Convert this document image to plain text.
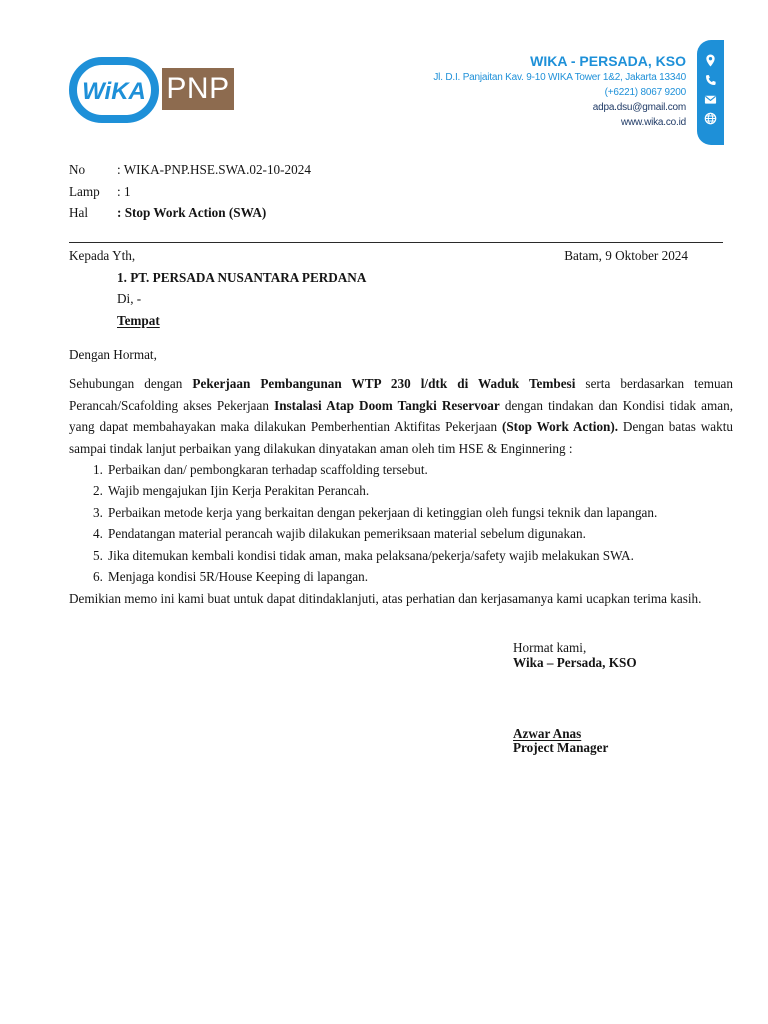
WiKA PNP
WIKA - PERSADA, KSO
Jl. D.I. Panjaitan Kav. 9-10 WIKA Tower 1&2, Jakarta 13340
(+6221) 8067 9200
adpa.dsu@gmail.com
www.wika.co.id
No : WIKA-PNP.HSE.SWA.02-10-2024
Lamp : 1
Hal : Stop Work Action (SWA)
Kepada Yth,	Batam, 9 Oktober 2024
1. PT. PERSADA NUSANTARA PERDANA
Di, -
Tempat
Dengan Hormat,
Sehubungan dengan Pekerjaan Pembangunan WTP 230 l/dtk di Waduk Tembesi serta berdasarkan temuan
Perancah/Scafolding akses Pekerjaan Instalasi Atap Doom Tangki Reservoar dengan tindakan dan Kondisi tidak aman,
yang dapat membahayakan maka dilakukan Pemberhentian Aktifitas Pekerjaan (Stop Work Action). Dengan batas waktu
sampai tindak lanjut perbaikan yang dilakukan dinyatakan aman oleh tim HSE & Enginnering :
1. Perbaikan dan/ pembongkaran terhadap scaffolding tersebut.
2. Wajib mengajukan Ijin Kerja Perakitan Perancah.
3. Perbaikan metode kerja yang berkaitan dengan pekerjaan di ketinggian oleh fungsi teknik dan lapangan.
4. Pendatangan material perancah wajib dilakukan pemeriksaan material sebelum digunakan.
5. Jika ditemukan kembali kondisi tidak aman, maka pelaksana/pekerja/safety wajib melakukan SWA.
6. Menjaga kondisi 5R/House Keeping di lapangan.
Demikian memo ini kami buat untuk dapat ditindaklanjuti, atas perhatian dan kerjasamanya kami ucapkan terima kasih.
Hormat kami,
Wika – Persada, KSO
Azwar Anas
Project Manager
